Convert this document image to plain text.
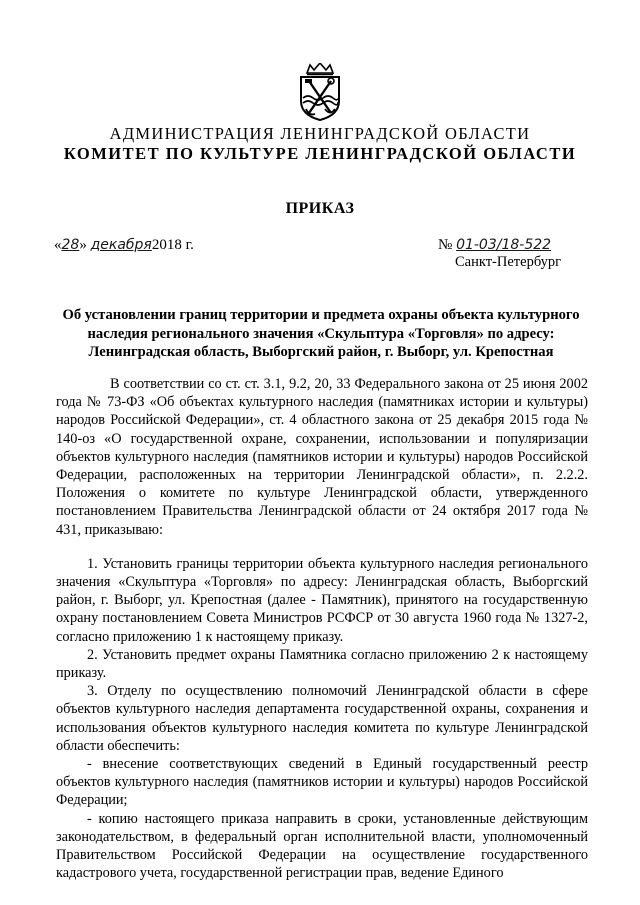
АДМИНИСТРАЦИЯ ЛЕНИНГРАДСКОЙ ОБЛАСТИ
КОМИТЕТ ПО КУЛЬТУРЕ ЛЕНИНГРАДСКОЙ ОБЛАСТИ
ПРИКАЗ
«28» декабря2018 г.	№ 01-03/18-522
Санкт-Петербург
Об установлении границ территории и предмета охраны объекта культурного наследия регионального значения «Скульптура «Торговля» по адресу: Ленинградская область, Выборгский район, г. Выборг, ул. Крепостная

В соответствии со ст. ст. 3.1, 9.2, 20, 33 Федерального закона от 25 июня 2002 года № 73-ФЗ «Об объектах культурного наследия (памятниках истории и культуры) народов Российской Федерации», ст. 4 областного закона от 25 декабря 2015 года № 140-оз «О государственной охране, сохранении, использовании и популяризации объектов культурного наследия (памятников истории и культуры) народов Российской Федерации, расположенных на территории Ленинградской области», п. 2.2.2. Положения о комитете по культуре Ленинградской области, утвержденного постановлением Правительства Ленинградской области от 24 октября 2017 года № 431, приказываю:

1. Установить границы территории объекта культурного наследия регионального значения «Скульптура «Торговля» по адресу: Ленинградская область, Выборгский район, г. Выборг, ул. Крепостная (далее - Памятник), принятого на государственную охрану постановлением Совета Министров РСФСР от 30 августа 1960 года № 1327-2, согласно приложению 1 к настоящему приказу.

2. Установить предмет охраны Памятника согласно приложению 2 к настоящему приказу.

3. Отделу по осуществлению полномочий Ленинградской области в сфере объектов культурного наследия департамента государственной охраны, сохранения и использования объектов культурного наследия комитета по культуре Ленинградской области обеспечить:

- внесение соответствующих сведений в Единый государственный реестр объектов культурного наследия (памятников истории и культуры) народов Российской Федерации;

- копию настоящего приказа направить в сроки, установленные действующим законодательством, в федеральный орган исполнительной власти, уполномоченный Правительством Российской Федерации на осуществление государственного кадастрового учета, государственной регистрации прав, ведение Единого
